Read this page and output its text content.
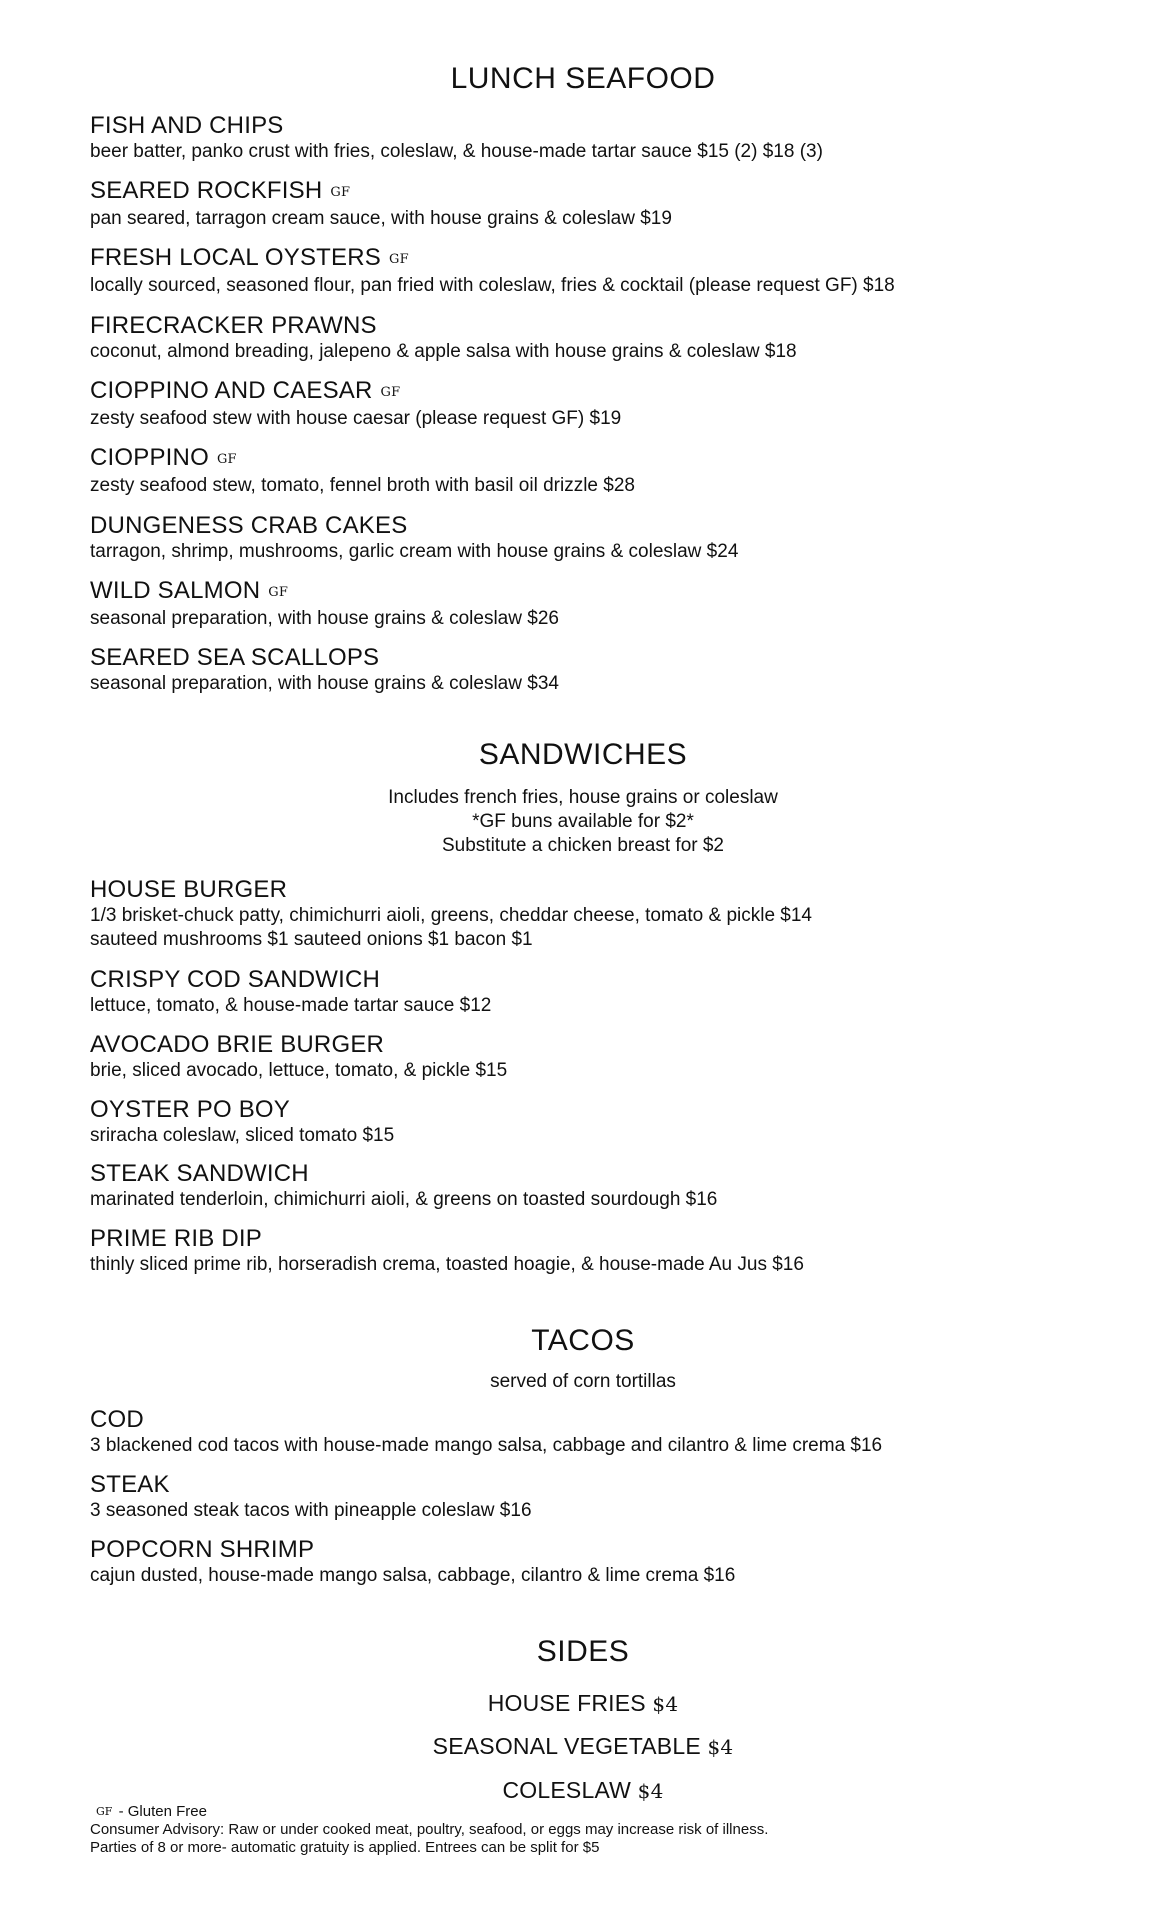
LUNCH SEAFOOD
FISH AND CHIPS
beer batter, panko crust with fries, coleslaw, & house-made tartar sauce $15 (2) $18 (3)
SEARED ROCKFISH GF
pan seared, tarragon cream sauce, with house grains & coleslaw $19
FRESH LOCAL OYSTERS GF
locally sourced, seasoned flour, pan fried with coleslaw, fries & cocktail (please request GF) $18
FIRECRACKER PRAWNS
coconut, almond breading, jalepeno & apple salsa with house grains & coleslaw $18
CIOPPINO AND CAESAR GF
zesty seafood stew with house caesar (please request GF) $19
CIOPPINO GF
zesty seafood stew, tomato, fennel broth with basil oil drizzle $28
DUNGENESS CRAB CAKES
tarragon, shrimp, mushrooms, garlic cream with house grains & coleslaw $24
WILD SALMON GF
seasonal preparation, with house grains & coleslaw $26
SEARED SEA SCALLOPS
seasonal preparation, with house grains & coleslaw $34
SANDWICHES
Includes french fries, house grains or coleslaw
*GF buns available for $2*
Substitute a chicken breast for $2
HOUSE BURGER
1/3 brisket-chuck patty, chimichurri aioli, greens, cheddar cheese, tomato & pickle $14
sauteed mushrooms $1 sauteed onions $1 bacon $1
CRISPY COD SANDWICH
lettuce, tomato, & house-made tartar sauce $12
AVOCADO BRIE BURGER
brie, sliced avocado, lettuce, tomato, & pickle $15
OYSTER PO BOY
sriracha coleslaw, sliced tomato $15
STEAK SANDWICH
marinated tenderloin, chimichurri aioli, & greens on toasted sourdough $16
PRIME RIB DIP
thinly sliced prime rib, horseradish crema, toasted hoagie, & house-made Au Jus $16
TACOS
served of corn tortillas
COD
3 blackened cod tacos with house-made mango salsa, cabbage and cilantro & lime crema $16
STEAK
3 seasoned steak tacos with pineapple coleslaw $16
POPCORN SHRIMP
cajun dusted, house-made mango salsa, cabbage, cilantro & lime crema $16
SIDES
HOUSE FRIES $4
SEASONAL VEGETABLE $4
COLESLAW $4
GF - Gluten Free
Consumer Advisory: Raw or under cooked meat, poultry, seafood, or eggs may increase risk of illness.
Parties of 8 or more- automatic gratuity is applied. Entrees can be split for $5
